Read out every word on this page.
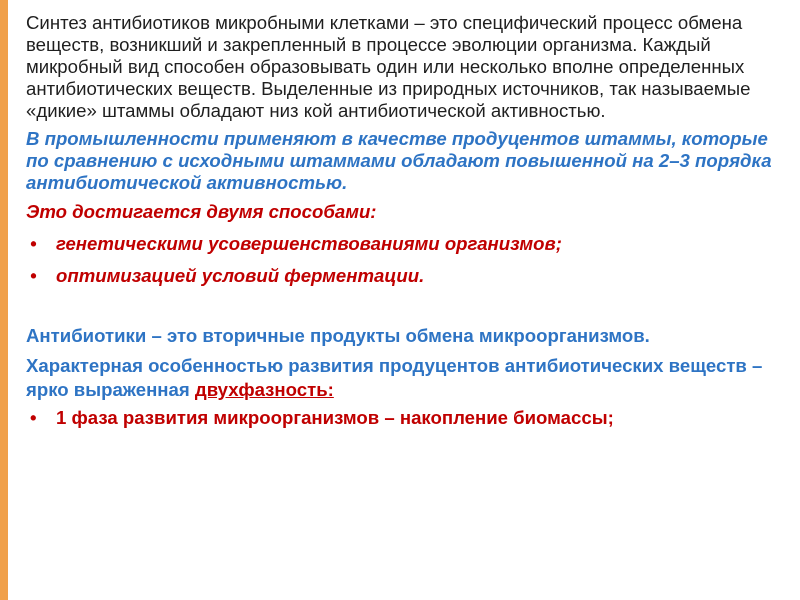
Синтез антибиотиков микробными клетками – это специфический процесс обмена веществ, возникший и закрепленный в процессе эволюции организма. Каждый микробный вид способен образовывать один или несколько вполне определенных антибиотических веществ. Выделенные из природных источников, так называемые «дикие» штаммы обладают низ кой антибиотической активностью.

В промышленности применяют в качестве продуцентов штаммы, которые по сравнению с исходными штаммами обладают повышенной на 2–3 порядка антибиотической активностью.

Это достигается двумя способами:

• генетическими усовершенствованиями организмов;
• оптимизацией условий ферментации.

Антибиотики – это вторичные продукты обмена микроорганизмов.

Характерная особенностью развития продуцентов антибиотических веществ – ярко выраженная двухфазность:

• 1 фаза развития микроорганизмов – накопление биомассы;
